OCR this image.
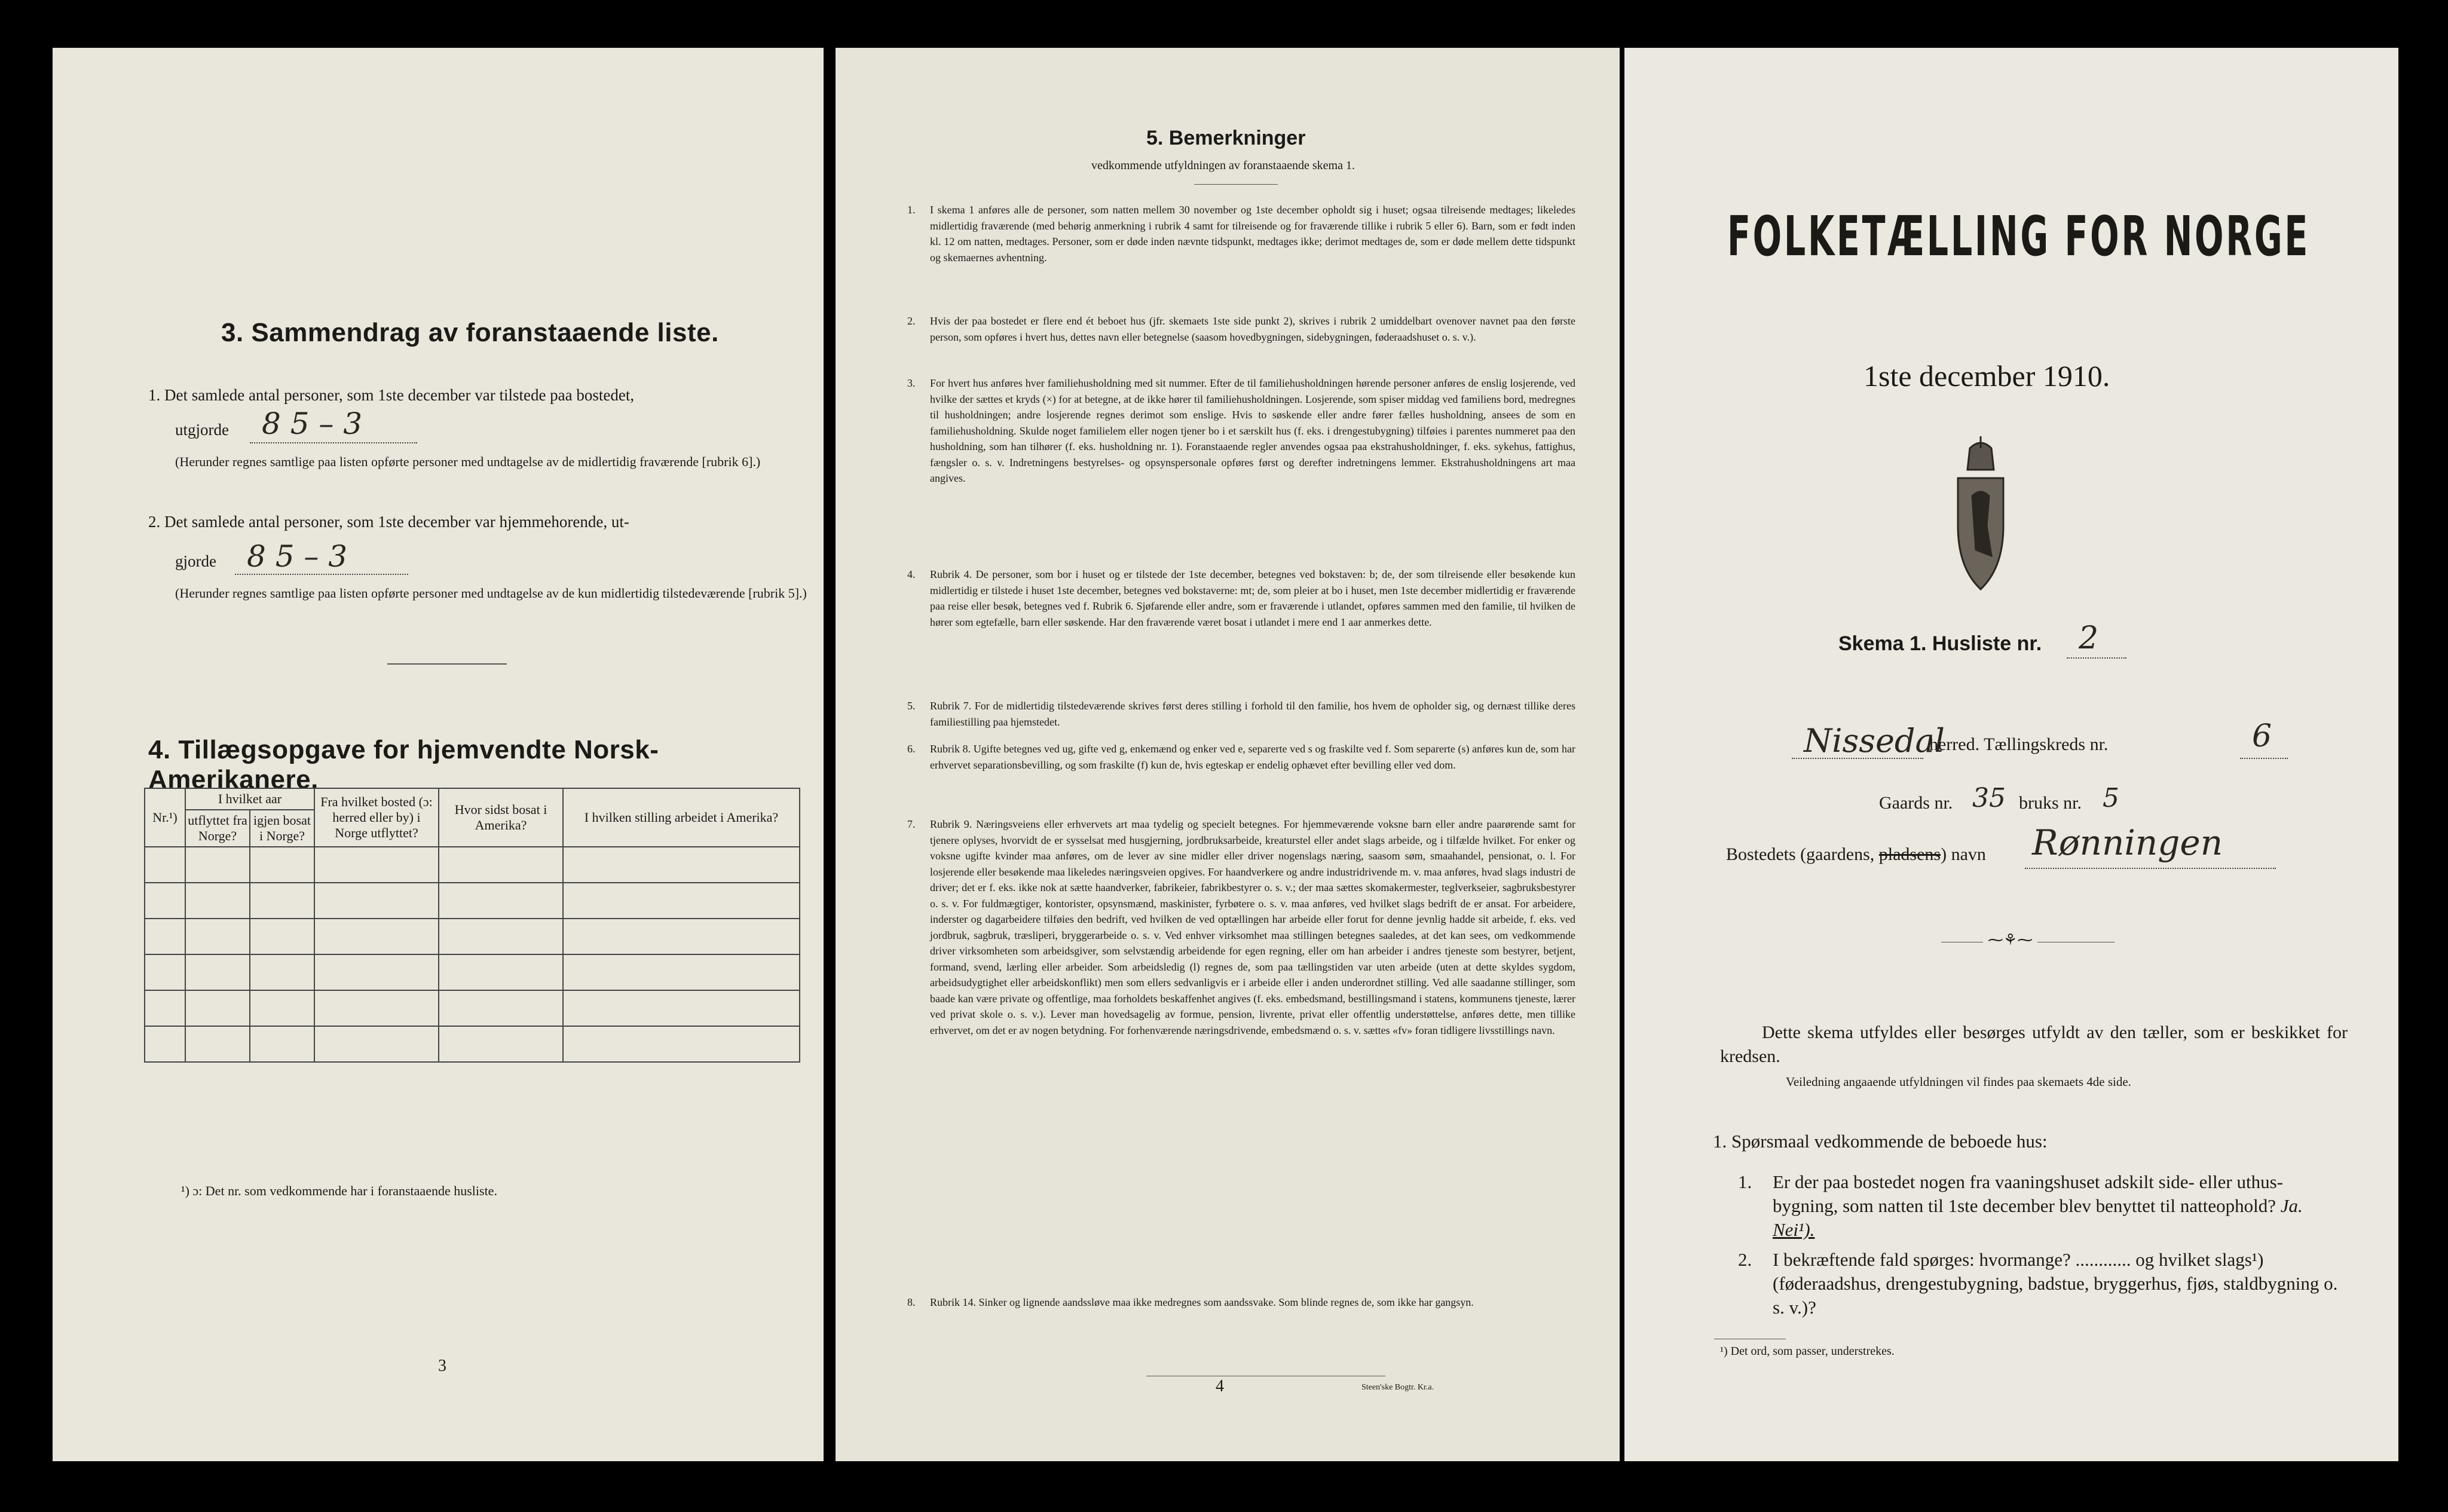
3. Sammendrag av foranstaaende liste.
1. Det samlede antal personer, som 1ste december var tilstede paa bostedet,
utgjorde 8 5 – 3
(Herunder regnes samtlige paa listen opførte personer med undtagelse av de midlertidig fraværende [rubrik 6].)
2. Det samlede antal personer, som 1ste december var hjemmehorende, ut-
gjorde 8 5 – 3
(Herunder regnes samtlige paa listen opførte personer med undtagelse av de kun midlertidig tilstedeværende [rubrik 5].)
4. Tillægsopgave for hjemvendte Norsk-Amerikanere.
Nr.¹)	I hvilket aar		Fra hvilket bosted (ɔ: herred eller by) i Norge utflyttet?	Hvor sidst bosat i Amerika?	I hvilken stilling arbeidet i Amerika?
	utflyttet fra Norge?	igjen bosat i Norge?			

¹) ɔ: Det nr. som vedkommende har i foranstaaende husliste.
3
5. Bemerkninger
vedkommende utfyldningen av foranstaaende skema 1.
1. I skema 1 anføres alle de personer, som natten mellem 30 november og 1ste december opholdt sig i huset; ogsaa tilreisende medtages; likeledes midlertidig fraværende (med behørig anmerkning i rubrik 4 samt for tilreisende og for fraværende tillike i rubrik 5 eller 6). Barn, som er født inden kl. 12 om natten, medtages. Personer, som er døde inden nævnte tidspunkt, medtages ikke; derimot medtages de, som er døde mellem dette tidspunkt og skemaernes avhentning.
2. Hvis der paa bostedet er flere end ét beboet hus (jfr. skemaets 1ste side punkt 2), skrives i rubrik 2 umiddelbart ovenover navnet paa den første person, som opføres i hvert hus, dettes navn eller betegnelse (saasom hovedbygningen, sidebygningen, føderaadshuset o. s. v.).
3. For hvert hus anføres hver familiehusholdning med sit nummer. Efter de til familiehusholdningen hørende personer anføres de enslig losjerende, ved hvilke der sættes et kryds (×) for at betegne, at de ikke hører til familiehusholdningen. Losjerende, som spiser middag ved familiens bord, medregnes til husholdningen; andre losjerende regnes derimot som enslige. Hvis to søskende eller andre fører fælles husholdning, ansees de som en familiehusholdning. Skulde noget familielem eller nogen tjener bo i et særskilt hus (f. eks. i drengestubygning) tilføies i parentes nummeret paa den husholdning, som han tilhører (f. eks. husholdning nr. 1). Foranstaaende regler anvendes ogsaa paa ekstrahusholdninger, f. eks. sykehus, fattighus, fængsler o. s. v. Indretningens bestyrelses- og opsynspersonale opføres først og derefter indretningens lemmer. Ekstrahusholdningens art maa angives.
4. Rubrik 4. De personer, som bor i huset og er tilstede der 1ste december, betegnes ved bokstaven: b; de, der som tilreisende eller besøkende kun midlertidig er tilstede i huset 1ste december, betegnes ved bokstaverne: mt; de, som pleier at bo i huset, men 1ste december midlertidig er fraværende paa reise eller besøk, betegnes ved f. Rubrik 6. Sjøfarende eller andre, som er fraværende i utlandet, opføres sammen med den familie, til hvilken de hører som egtefælle, barn eller søskende. Har den fraværende været bosat i utlandet i mere end 1 aar anmerkes dette.
5. Rubrik 7. For de midlertidig tilstedeværende skrives først deres stilling i forhold til den familie, hos hvem de opholder sig, og dernæst tillike deres familiestilling paa hjemstedet.
6. Rubrik 8. Ugifte betegnes ved ug, gifte ved g, enkemænd og enker ved e, separerte ved s og fraskilte ved f. Som separerte (s) anføres kun de, som har erhvervet separationsbevilling, og som fraskilte (f) kun de, hvis egteskap er endelig ophævet efter bevilling eller ved dom.
7. Rubrik 9. Næringsveiens eller erhvervets art maa tydelig og specielt betegnes. For hjemmeværende voksne barn eller andre paarørende samt for tjenere oplyses, hvorvidt de er sysselsat med husgjerning, jordbruksarbeide, kreaturstel eller andet slags arbeide, og i tilfælde hvilket. For enker og voksne ugifte kvinder maa anføres, om de lever av sine midler eller driver nogenslags næring, saasom søm, smaahandel, pensionat, o. l. For losjerende eller besøkende maa likeledes næringsveien opgives. For haandverkere og andre industridrivende m. v. maa anføres, hvad slags industri de driver; det er f. eks. ikke nok at sætte haandverker, fabrikeier, fabrikbestyrer o. s. v.; der maa sættes skomakermester, teglverkseier, sagbruksbestyrer o. s. v. For fuldmægtiger, kontorister, opsynsmænd, maskinister, fyrbøtere o. s. v. maa anføres, ved hvilket slags bedrift de er ansat. For arbeidere, inderster og dagarbeidere tilføies den bedrift, ved hvilken de ved optællingen har arbeide eller forut for denne jevnlig hadde sit arbeide, f. eks. ved jordbruk, sagbruk, træsliperi, bryggerarbeide o. s. v. Ved enhver virksomhet maa stillingen betegnes saaledes, at det kan sees, om vedkommende driver virksomheten som arbeidsgiver, som selvstændig arbeidende for egen regning, eller om han arbeider i andres tjeneste som bestyrer, betjent, formand, svend, lærling eller arbeider. Som arbeidsledig (l) regnes de, som paa tællingstiden var uten arbeide (uten at dette skyldes sygdom, arbeidsudygtighet eller arbeidskonflikt) men som ellers sedvanligvis er i arbeide eller i anden underordnet stilling. Ved alle saadanne stillinger, som baade kan være private og offentlige, maa forholdets beskaffenhet angives (f. eks. embedsmand, bestillingsmand i statens, kommunens tjeneste, lærer ved privat skole o. s. v.). Lever man hovedsagelig av formue, pension, livrente, privat eller offentlig understøttelse, anføres dette, men tillike erhvervet, om det er av nogen betydning. For forhenværende næringsdrivende, embedsmænd o. s. v. sættes «fv» foran tidligere livsstillings navn.
8. Rubrik 14. Sinker og lignende aandssløve maa ikke medregnes som aandssvake. Som blinde regnes de, som ikke har gangsyn.
4	Steen'ske Bogtr. Kr.a.
FOLKETÆLLING FOR NORGE
1ste december 1910.
Skema 1. Husliste nr. 2
Nissedal
herred. Tællingskreds nr.	6
Gaards nr. 35 bruks nr. 5
Bostedets (gaardens, pladsens) navn Rønningen
⁓⚘⁓
Dette skema utfyldes eller besørges utfyldt av den tæller, som er beskikket for kredsen.
Veiledning angaaende utfyldningen vil findes paa skemaets 4de side.
1. Spørsmaal vedkommende de beboede hus:
1. Er der paa bostedet nogen fra vaaningshuset adskilt side- eller uthus-bygning, som natten til 1ste december blev benyttet til natteophold? Ja. Nei¹).
2. I bekræftende fald spørges: hvormange? ............ og hvilket slags¹) (føderaadshus, drengestubygning, badstue, bryggerhus, fjøs, staldbygning o. s. v.)?
¹) Det ord, som passer, understrekes.
